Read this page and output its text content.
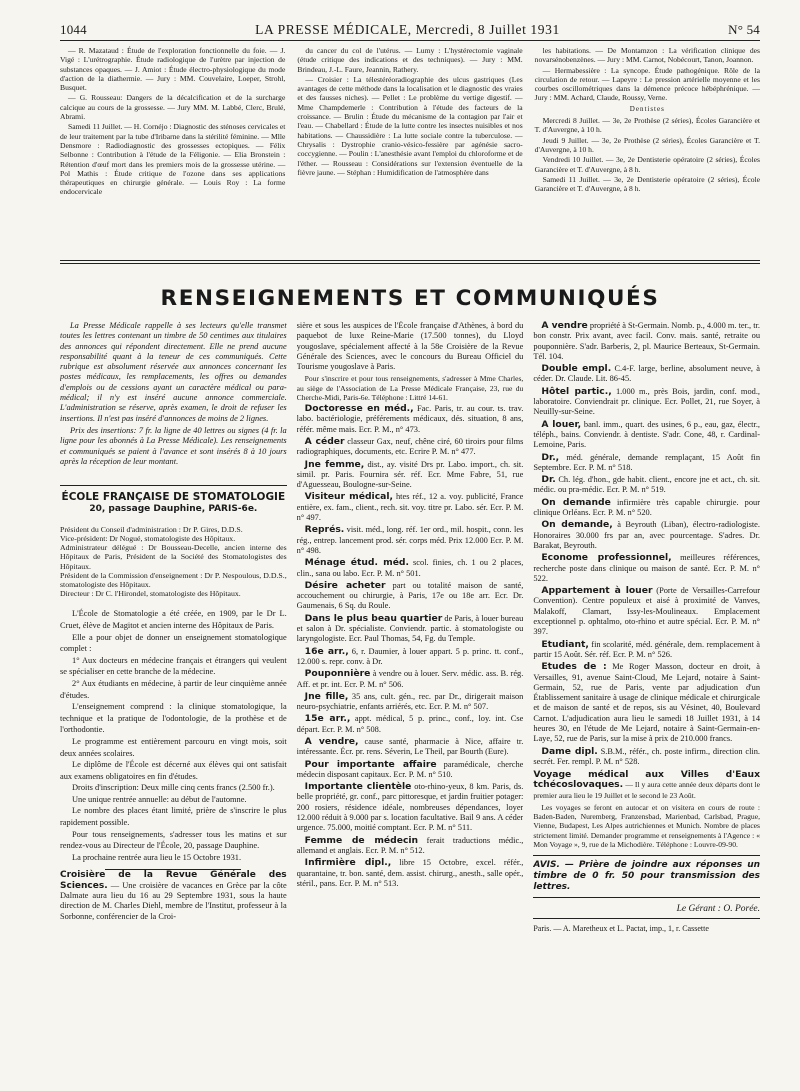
1044	LA PRESSE MÉDICALE, Mercredi, 8 Juillet 1931	N° 54

— R. Mazataud : Étude de l'exploration fonctionnelle du foie. — J. Vigé : L'urétrographie. Étude radiologique de l'urètre par injection de substances opaques. — J. Amiot : Étude électro-physiologique du mode d'action de la diathermie. — Jury : MM. Couvelaire, Loeper, Strohl, Busquet.

— G. Rousseau: Dangers de la décalcification et de la surcharge calcique au cours de la grossesse. — Jury MM. M. Labbé, Clerc, Brulé, Abrami.

Samedi 11 Juillet. — H. Cornéjo : Diagnostic des sténoses cervicales et de leur traitement par la tube d'Iribarne dans la stérilité féminine. — Mlle Densmore : Radiodiagnostic des grossesses ectopiques. — Félix Selbonne : Contribution à l'étude de la Féligonie. — Elia Bronstein : Rétention d'œuf mort dans les premiers mois de la grossesse utérine. — Pol Mathis : Étude critique de l'ozone dans ses applications thérapeutiques en chirurgie générale. — Louis Roy : La forme endocervicale

du cancer du col de l'utérus. — Lumy : L'hystérectomie vaginale (étude critique des indications et des techniques). — Jury : MM. Brindeau, J.-L. Faure, Jeannin, Rathery.

— Croisier : La télestéréoradiographie des ulcus gastriques (Les avantages de cette méthode dans la localisation et le diagnostic des vraies et des fausses niches). — Pellet : Le problème du vertige digestif. — Mme Champdemerle : Contribution à l'étude des facteurs de la croissance. — Brulin : Étude du mécanisme de la contagion par l'air et l'eau. — Chabellard : Étude de la lutte contre les insectes nuisibles et nos habitations. — Chaussidière : La lutte sociale contre la tuberculose. — Chrysalis : Dystrophie cranio-vésico-fessière par agénésie sacro-coccygienne. — Poulin : L'anesthésie avant l'emploi du chloroforme et de l'éther. — Rousseau : Considérations sur l'extension éventuelle de la fièvre jaune. — Stéphan : Humidification de l'atmosphère dans

les habitations. — De Montamzon : La vérification clinique des novarsénobenzènes. — Jury : MM. Carnot, Nobécourt, Tanon, Joannon.

— Hermabessière : La syncope. Étude pathogénique. Rôle de la circulation de retour. — Lapeyre : Le pression artérielle moyenne et les courbes oscillométriques dans la démence précoce hébéphrénique. — Jury : MM. Achard, Claude, Roussy, Verne.

Dentistes

Mercredi 8 Juillet. — 3e, 2e Prothèse (2 séries), Écoles Garancière et T. d'Auvergne, à 10 h.

Jeudi 9 Juillet. — 3e, 2e Prothèse (2 séries), Écoles Garancière et T. d'Auvergne, à 10 h.

Vendredi 10 Juillet. — 3e, 2e Dentisterie opératoire (2 séries), Écoles Garancière et T. d'Auvergne, à 8 h.

Samedi 11 Juillet. — 3e, 2e Dentisterie opératoire (2 séries), École Garancière et T. d'Auvergne, à 8 h.

RENSEIGNEMENTS ET COMMUNIQUÉS

La Presse Médicale rappelle à ses lecteurs qu'elle transmet toutes les lettres contenant un timbre de 50 centimes aux titulaires des annonces qui répondent directement. Elle ne prend aucune responsabilité quant à la teneur de ces communiqués. Cette rubrique est absolument réservée aux annonces concernant les postes médicaux, les remplacements, les offres ou demandes d'emplois ou de cessions ayant un caractère médical ou para-médical; il n'y est inséré aucune annonce commerciale. L'administration se réserve, après examen, le droit de refuser les insertions. Il n'est pas inséré d'annonces de moins de 2 lignes.

Prix des insertions: 7 fr. la ligne de 40 lettres ou signes (4 fr. la ligne pour les abonnés à La Presse Médicale). Les renseignements et communiqués se paient à l'avance et sont insérés 8 à 10 jours après la réception de leur montant.

ÉCOLE FRANÇAISE DE STOMATOLOGIE
20, passage Dauphine, PARIS-6e.

Président du Conseil d'administration : Dr P. Gires, D.D.S.

Vice-président: Dr Nogué, stomatologiste des Hôpitaux.

Administrateur délégué : Dr Bousseau-Decelle, ancien interne des Hôpitaux de Paris, Président de la Société des Stomatologistes des Hôpitaux.

Président de la Commission d'enseignement : Dr P. Nespoulous, D.D.S., stomatologiste des Hôpitaux.

Directeur : Dr C. l'Hirondel, stomatologiste des Hôpitaux.

L'École de Stomatologie a été créée, en 1909, par le Dr L. Cruet, élève de Magitot et ancien interne des Hôpitaux de Paris.

Elle a pour objet de donner un enseignement stomatologique complet :

1° Aux docteurs en médecine français et étrangers qui veulent se spécialiser en cette branche de la médecine.

2° Aux étudiants en médecine, à partir de leur cinquième année d'études.

L'enseignement comprend : la clinique stomatologique, la technique et la pratique de l'odontologie, de la prothèse et de l'orthodontie.

Le programme est entièrement parcouru en vingt mois, soit deux années scolaires.

Le diplôme de l'École est décerné aux élèves qui ont satisfait aux examens obligatoires en fin d'études.

Droits d'inscription: Deux mille cinq cents francs (2.500 fr.).

Une unique rentrée annuelle: au début de l'automne.

Le nombre des places étant limité, prière de s'inscrire le plus rapidement possible.

Pour tous renseignements, s'adresser tous les matins et sur rendez-vous au Directeur de l'École, 20, passage Dauphine.

La prochaine rentrée aura lieu le 15 Octobre 1931.

Croisière de la Revue Générale des Sciences. — Une croisière de vacances en Grèce par la côte Dalmate aura lieu du 16 au 29 Septembre 1931, sous la haute direction de M. Charles Diehl, membre de l'Institut, professeur à la Sorbonne, conférencier de la Croi-

sière et sous les auspices de l'École française d'Athènes, à bord du paquebot de luxe Reine-Marie (17.500 tonnes), du Lloyd yougoslave, spécialement affecté à la 58e Croisière de la Revue Générale des Sciences, avec le concours du Bureau Officiel du Tourisme yougoslave à Paris.

Pour s'inscrire et pour tous renseignements, s'adresser à Mme Charles, au siège de l'Association de La Presse Médicale Française, 23, rue du Cherche-Midi, Paris-6e. Téléphone : Littré 14-61.

Doctoresse en méd., Fac. Paris, tr. au cour. ts. trav. labo. bactériologie, préférements médicaux, dés. situation, 8 ans, référ. même mais. Ecr. P. M., n° 473.

A céder classeur Gax, neuf, chêne ciré, 60 tiroirs pour films radiographiques, documents, etc. Ecrire P. M. n° 477.

Jne femme, dist., ay. visité Drs pr. Labo. import., ch. sit. simil. pr. Paris. Fournira sér. réf. Ecr. Mme Fabre, 51, rue d'Aguesseau, Boulogne-sur-Seine.

Visiteur médical, htes réf., 12 a. voy. publicité, France entière, ex. fam., client., rech. sit. voy. titre pr. Labo. sér. Ecr. P. M. n° 497.

Représ. visit. méd., long. réf. 1er ord., mil. hospit., conn. les rég., entrep. lancement prod. sér. corps méd. Prix 12.000 Ecr. P. M. n° 498.

Ménage étud. méd. scol. finies, ch. 1 ou 2 places, clin., sana ou labo. Ecr. P. M. n° 501.

Désire acheter part ou totalité maison de santé, accouchement ou chirurgie, à Paris, 17e ou 18e arr. Ecr. Dr. Gaumenais, 6 Sq. du Roule.

Dans le plus beau quartier de Paris, à louer bureau et salon à Dr. spécialiste. Conviendr. partic. à stomatologiste ou laryngologiste. Ecr. Paul Thomas, 54, Fg. du Temple.

16e arr., 6, r. Daumier, à louer appart. 5 p. princ. tt. conf., 12.000 s. repr. conv. à Dr.

Pouponnière à vendre ou à louer. Serv. médic. ass. B. rég. Aff. et pr. int. Ecr. P. M. n° 506.

Jne fille, 35 ans, cult. gén., rec. par Dr., dirigerait maison neuro-psychiatrie, enfants arriérés, etc. Ecr. P. M. n° 507.

15e arr., appt. médical, 5 p. princ., conf., loy. int. Cse départ. Ecr. P. M. n° 508.

A vendre, cause santé, pharmacie à Nice, affaire tr. intéressante. Écr. pr. rens. Séverin, Le Theil, par Bourth (Eure).

Pour importante affaire paramédicale, cherche médecin disposant capitaux. Ecr. P. M. n° 510.

Importante clientèle oto-rhino-yeux, 8 km. Paris, ds. belle propriété, gr. conf., parc pittoresque, et jardin fruitier potager: 200 rosiers, résidence idéale, nombreuses dépendances, loyer 12.000 réduit à 9.000 par s. location facultative. Bail 9 ans. A céder urgence. 75.000, moitié comptant. Ecr. P. M. n° 511.

Femme de médecin ferait traductions médic., allemand et anglais. Ecr. P. M. n° 512.

Infirmière dipl., libre 15 Octobre, excel. référ., quarantaine, tr. bon. santé, dem. assist. chirurg., anesth., salle opér., stéril., pans. Ecr. P. M. n° 513.

A vendre propriété à St-Germain. Nomb. p., 4.000 m. ter., tr. bon constr. Prix avant, avec facil. Conv. mais. santé, retraite ou pouponnière. S'adr. Barberis, 2, pl. Maurice Berteaux, St-Germain. Tél. 104.

Double empl. C.4-F. large, berline, absolument neuve, à céder. Dr. Claude. Lit. 86-45.

Hôtel partic., 1.000 m., près Bois, jardin, conf. mod., laboratoire. Conviendrait pr. clinique. Ecr. Pollet, 21, rue Soyer, à Neuilly-sur-Seine.

A louer, banl. imm., quart. des usines, 6 p., eau, gaz, électr., téléph., bains. Conviendr. à dentiste. S'adr. Cone, 48, r. Cardinal-Lemoine, Paris.

Dr., méd. générale, demande remplaçant, 15 Août fin Septembre. Ecr. P. M. n° 518.

Dr. Ch. lég. d'hon., gde habit. client., encore jne et act., ch. sit. médic. ou pra-médic. Ecr. P. M. n° 519.

On demande infirmière très capable chirurgie. pour clinique Orléans. Ecr. P. M. n° 520.

On demande, à Beyrouth (Liban), électro-radiologiste. Honoraires 30.000 frs par an, avec pourcentage. S'adres. Dr. Barakat, Beyrouth.

Econome professionnel, meilleures références, recherche poste dans clinique ou maison de santé. Ecr. P. M. n° 522.

Appartement à louer (Porte de Versailles-Carrefour Convention). Centre populeux et aisé à proximité de Vanves, Malakoff, Clamart, Issy-les-Moulineaux. Emplacement exceptionnel p. ophtalmo, oto-rhino et autre spécial. Ecr. P. M. n° 397.

Etudiant, fin scolarité, méd. générale, dem. remplacement à partir 15 Août. Sér. réf. Ecr. P. M. n° 526.

Etudes de : Me Roger Masson, docteur en droit, à Versailles, 91, avenue Saint-Cloud, Me Lejard, notaire à Saint-Germain, 52, rue de Paris, vente par adjudication d'un Établissement sanitaire à usage de clinique médicale et chirurgicale et de maison de santé et de repos, sis au Vésinet, 40, Boulevard Carnot. L'adjudication aura lieu le samedi 18 Juillet 1931, à 14 heures 30, en l'étude de Me Lejard, notaire à Saint-Germain-en-Laye, 52, rue de Paris, sur la mise à prix de 210.000 francs.

Dame dipl. S.B.M., référ., ch. poste infirm., direction clin. secrét. Fer. rempl. P. M. n° 528.

Voyage médical aux Villes d'Eaux tchécoslovaques. — Il y aura cette année deux départs dont le premier aura lieu le 19 Juillet et le second le 23 Août.

Les voyages se feront en autocar et on visitera en cours de route : Baden-Baden, Nuremberg, Franzensbad, Marienbad, Carlsbad, Prague, Vienne, Budapest, Les Alpes autrichiennes et Munich. Nombre de places strictement limité. Demander programme et renseignements à l'Agence : « Mon Voyage », 9, rue de la Michodière. Téléphone : Louvre-09-90.

AVIS. — Prière de joindre aux réponses un timbre de 0 fr. 50 pour transmission des lettres.
Le Gérant : O. Porée.
Paris. — A. Maretheux et L. Pactat, imp., 1, r. Cassette
